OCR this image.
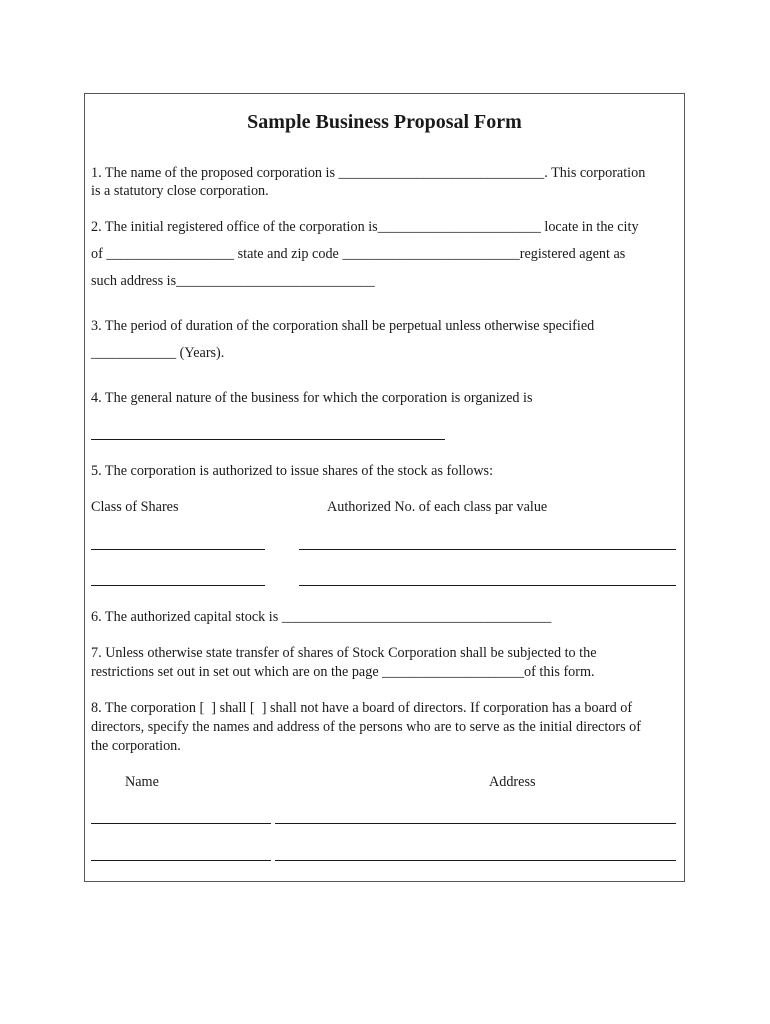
Sample Business Proposal Form

1. The name of the proposed corporation is _____________________________. This corporation

is a statutory close corporation.

2. The initial registered office of the corporation is_______________________ locate in the city

of __________________ state and zip code _________________________registered agent as

such address is____________________________

3. The period of duration of the corporation shall be perpetual unless otherwise specified

____________ (Years).

4. The general nature of the business for which the corporation is organized is

5. The corporation is authorized to issue shares of the stock as follows:

Class of Shares	Authorized No. of each class par value

6. The authorized capital stock is ______________________________________

7. Unless otherwise state transfer of shares of Stock Corporation shall be subjected to the

restrictions set out in set out which are on the page ____________________of this form.

8. The corporation [  ] shall [  ] shall not have a board of directors. If corporation has a board of

directors, specify the names and address of the persons who are to serve as the initial directors of

the corporation.

Name	Address
